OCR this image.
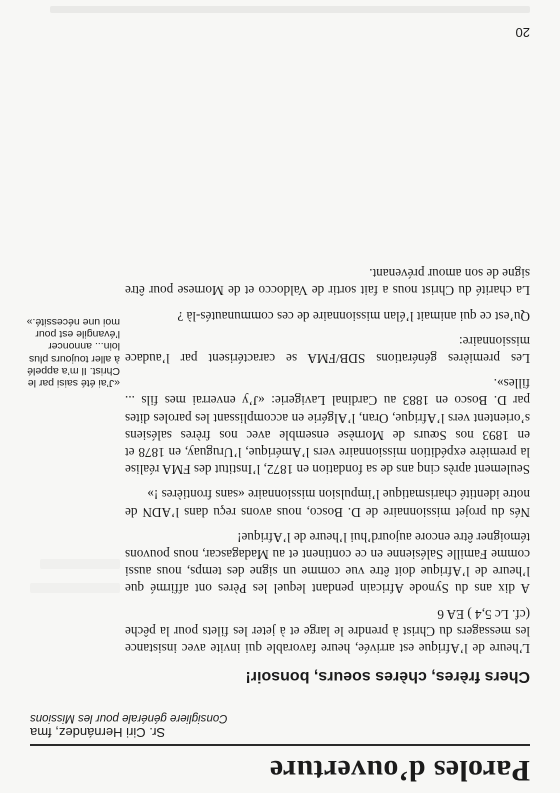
Paroles d’ouverture
Sr. Ciri Hernández, fma
Consigliere générale pour les Missions
Chers frères, chères soeurs, bonsoir!

L’heure de l’Afrique est arrivée, heure favorable qui invite avec insistance les messagers du Christ à prendre le large et à jeter les filets pour la pêche (cf. Lc 5,4 ) EA 6

A dix ans du Synode Africain pendant lequel les Pères ont affirmé que l’heure de l’Afrique doit être vue comme un signe des temps, nous aussi comme Famille Salésienne en ce continent et au Madagascar, nous pouvons témoigner être encore aujourd’hui l’heure de l’Afrique!

Nés du projet missionnaire de D. Bosco, nous avons reçu dans l’ADN de notre identité charismatique l’impulsion missionnaire «sans frontières !»

Seulement après cinq ans de sa fondation en 1872, l’Institut des FMA réalise la première expédition missionnaire vers l’Amérique, l’Uruguay, en 1878 et en 1893 nos Sœurs de Mornèse ensemble avec nos frères salésiens s’orientent vers l’Afrique, Oran, l’Algérie en accomplissant les paroles dites par D. Bosco en 1883 au Cardinal Lavigerie: «J’y enverrai mes fils ... filles».

Les premières générations SDB/FMA se caractérisent par l’audace missionnaire:

Qu’est ce qui animait l’élan missionnaire de ces communautés-là ?

La charité du Christ nous a fait sortir de Valdocco et de Mornese pour être signe de son amour prévenant.

«J’ai été saisi par le Christ. Il m’a appelé à aller toujours plus loin... annoncer l’évangile est pour moi une nécessité.»
20
